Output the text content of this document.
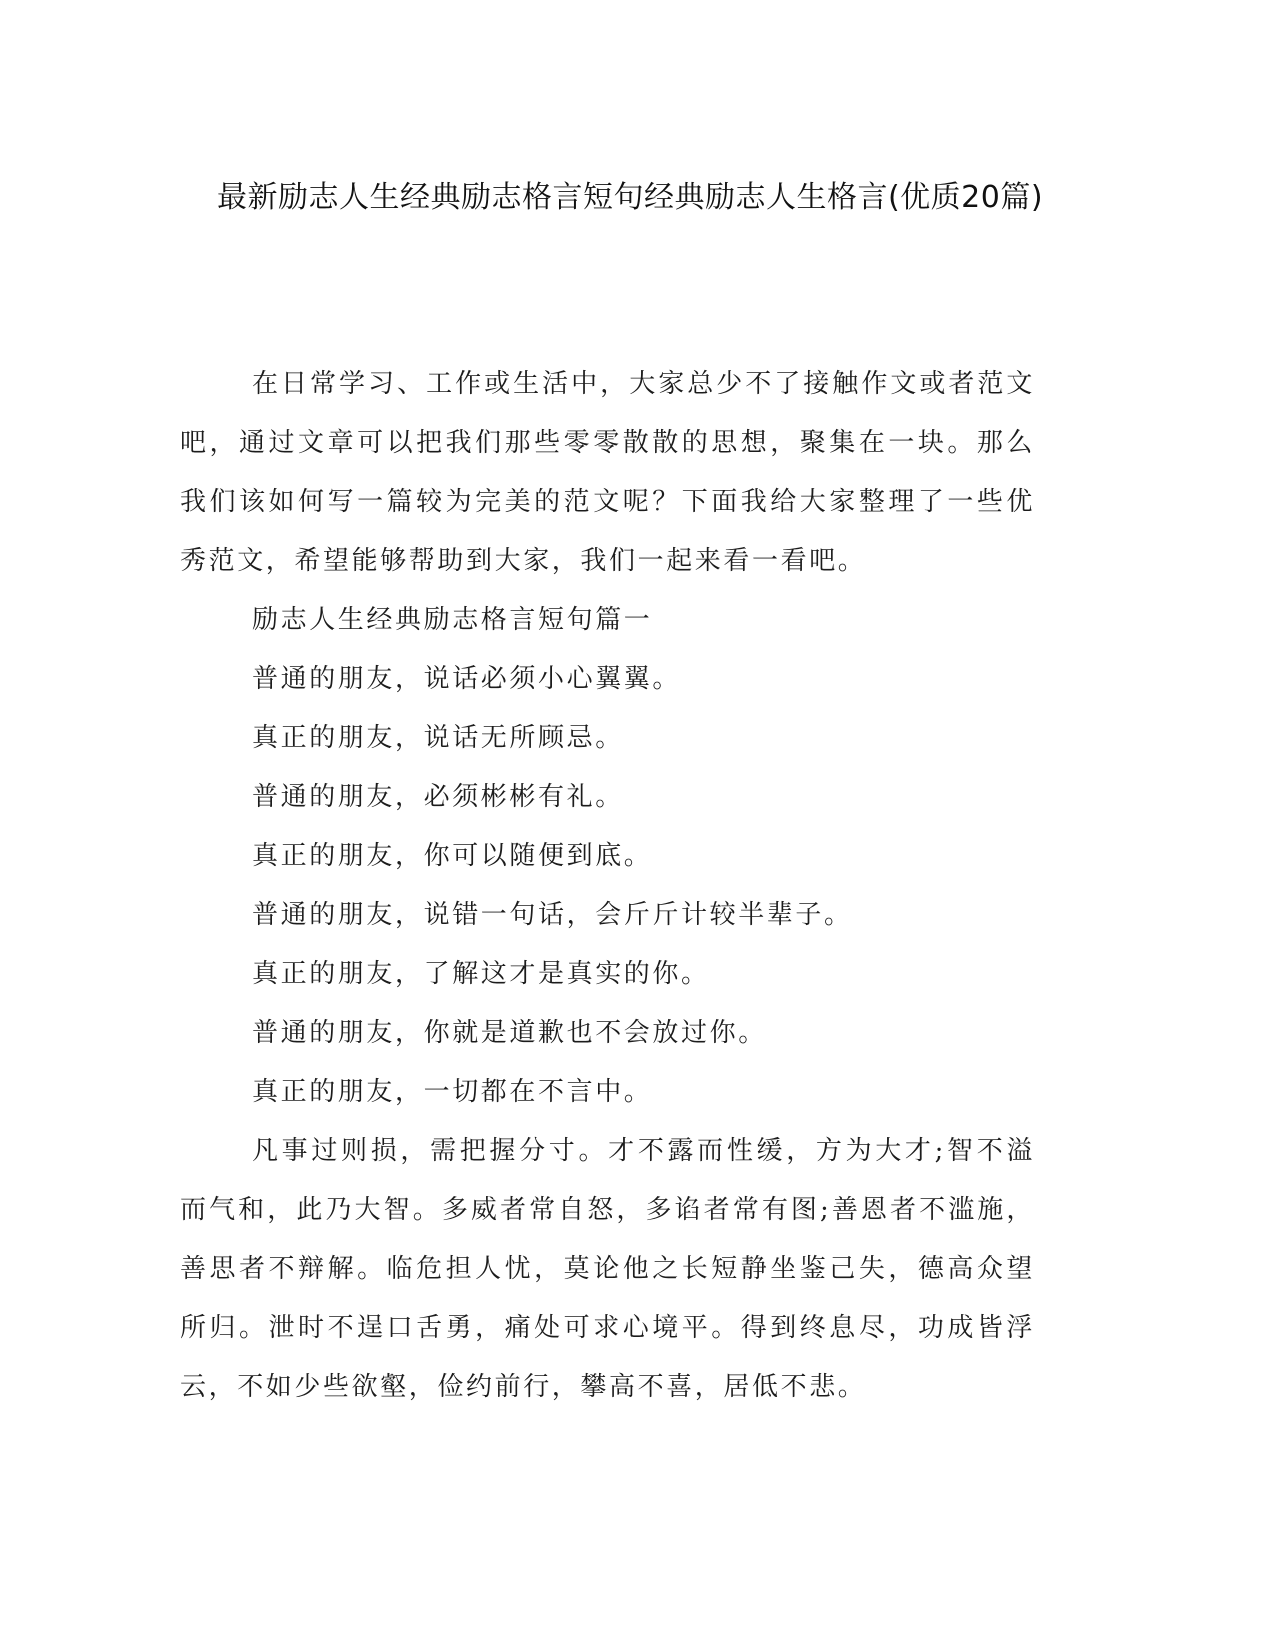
最新励志人生经典励志格言短句经典励志人生格言(优质20篇)

在日常学习、工作或生活中，大家总少不了接触作文或者范文吧，通过文章可以把我们那些零零散散的思想，聚集在一块。那么我们该如何写一篇较为完美的范文呢？下面我给大家整理了一些优秀范文，希望能够帮助到大家，我们一起来看一看吧。

励志人生经典励志格言短句篇一

普通的朋友，说话必须小心翼翼。

真正的朋友，说话无所顾忌。

普通的朋友，必须彬彬有礼。

真正的朋友，你可以随便到底。

普通的朋友，说错一句话，会斤斤计较半辈子。

真正的朋友，了解这才是真实的你。

普通的朋友，你就是道歉也不会放过你。

真正的朋友，一切都在不言中。

凡事过则损，需把握分寸。才不露而性缓，方为大才;智不溢而气和，此乃大智。多威者常自怒，多谄者常有图;善恩者不滥施，善思者不辩解。临危担人忧，莫论他之长短静坐鉴己失，德高众望所归。泄时不逞口舌勇，痛处可求心境平。得到终息尽，功成皆浮云，不如少些欲壑，俭约前行，攀高不喜，居低不悲。
